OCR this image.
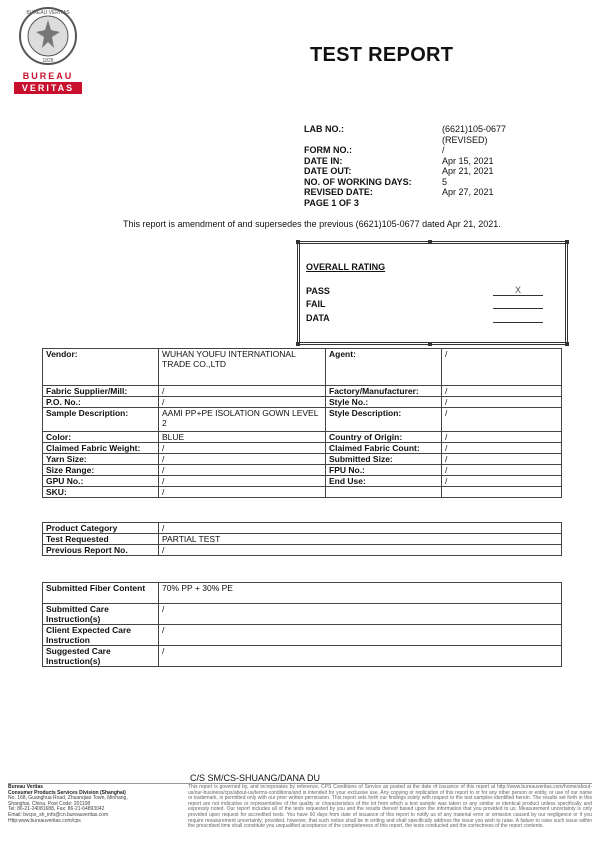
BUREAU VERITAS
1828
BUREAU
VERITAS
TEST REPORT
LAB NO.:	(6621)105-0677
(REVISED)
FORM NO.:	/
DATE IN:	Apr 15, 2021
DATE OUT:	Apr 21, 2021
NO. OF WORKING DAYS:	5
REVISED DATE:	Apr 27, 2021
PAGE 1 OF 3	
This report is amendment of and supersedes the previous (6621)105-0677 dated Apr 21, 2021.
OVERALL RATING
PASS	X
FAIL
DATA
Vendor:	WUHAN YOUFU INTERNATIONAL TRADE CO.,LTD	Agent:	/
Fabric Supplier/Mill:	/	Factory/Manufacturer:	/
P.O. No.:	/	Style No.:	/
Sample Description:	AAMI PP+PE ISOLATION GOWN LEVEL 2	Style Description:	/
Color:	BLUE	Country of Origin:	/
Claimed Fabric Weight:	/	Claimed Fabric Count:	/
Yarn Size:	/	Submitted Size:	/
Size Range:	/	FPU No.:	/
GPU No.:	/	End Use:	/
SKU:	/		
Product Category	/
Test Requested	PARTIAL TEST
Previous Report No.	/
Submitted Fiber Content	70% PP + 30% PE
Submitted Care Instruction(s)	/
Client Expected Care Instruction	/
Suggested Care Instruction(s)	/
C/S SM/CS-SHUANG/DANA DU
Bureau Veritas
Consumer Products Services Division (Shanghai)
No. 168, Guanghua Road, Zhuanqiao Town, Minhang,
Shanghai, China. Post Code: 201108
Tel: 86-21-24081688, Fax: 86-21-64893042
Email: bvcps_sh_info@cn.bureauveritas.com
Http:www.bureauveritas.com/cps
This report is governed by, and incorporates by reference, CPS Conditions of Service as posted at the date of issuance of this report at http://www.bureauveritas.com/home/about-us/our-business/cps/about-us/terms-conditions/and is intended for your exclusive use. Any copying or replication of this report to or for any other person or entity, or use of our name or trademark, is permitted only with our prior written permission. This report sets forth our findings solely with respect to the test samples identified herein. The results set forth in this report are not indicative or representative of the quality or characteristics of the lot from which a test sample was taken or any similar or identical product unless specifically and expressly noted. Our report includes all of the tests requested by you and the results thereof based upon the information that you provided to us. Measurement uncertainty is only provided upon request for accredited tests. You have 60 days from date of issuance of this report to notify us of any material error or omission caused by our negligence or if you require measurement uncertainty; provided, however, that such notice shall be in writing and shall specifically address the issue you wish to raise. A failure to raise such issue within the prescribed time shall constitute you unqualified acceptance of the completeness of this report, the tests conducted and the correctness of the report contents.
